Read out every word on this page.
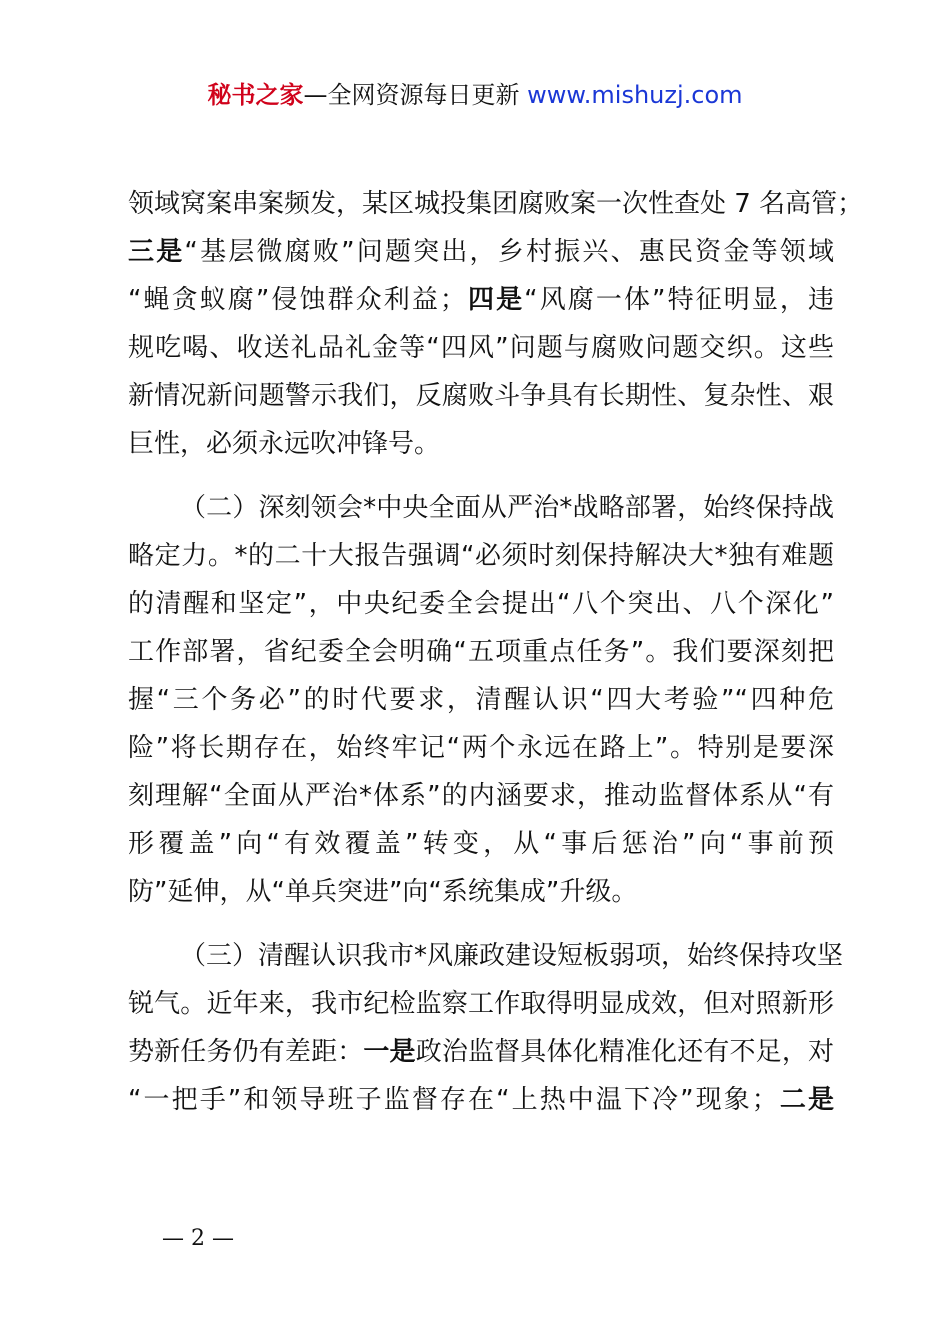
秘书之家—全网资源每日更新 www.mishuzj.com
领域窝案串案频发，某区城投集团腐败案一次性查处 7 名高管；
三是“基层微腐败”问题突出，乡村振兴、惠民资金等领域
“蝇贪蚁腐”侵蚀群众利益；四是“风腐一体”特征明显，违
规吃喝、收送礼品礼金等“四风”问题与腐败问题交织。这些
新情况新问题警示我们，反腐败斗争具有长期性、复杂性、艰
巨性，必须永远吹冲锋号。
（二）深刻领会*中央全面从严治*战略部署，始终保持战
略定力。*的二十大报告强调“必须时刻保持解决大*独有难题
的清醒和坚定”，中央纪委全会提出“八个突出、八个深化”
工作部署，省纪委全会明确“五项重点任务”。我们要深刻把
握“三个务必”的时代要求，清醒认识“四大考验”“四种危
险”将长期存在，始终牢记“两个永远在路上”。特别是要深
刻理解“全面从严治*体系”的内涵要求，推动监督体系从“有
形覆盖”向“有效覆盖”转变，从“事后惩治”向“事前预
防”延伸，从“单兵突进”向“系统集成”升级。
（三）清醒认识我市*风廉政建设短板弱项，始终保持攻坚
锐气。近年来，我市纪检监察工作取得明显成效，但对照新形
势新任务仍有差距：一是政治监督具体化精准化还有不足，对
“一把手”和领导班子监督存在“上热中温下冷”现象；二是
— 2 —
